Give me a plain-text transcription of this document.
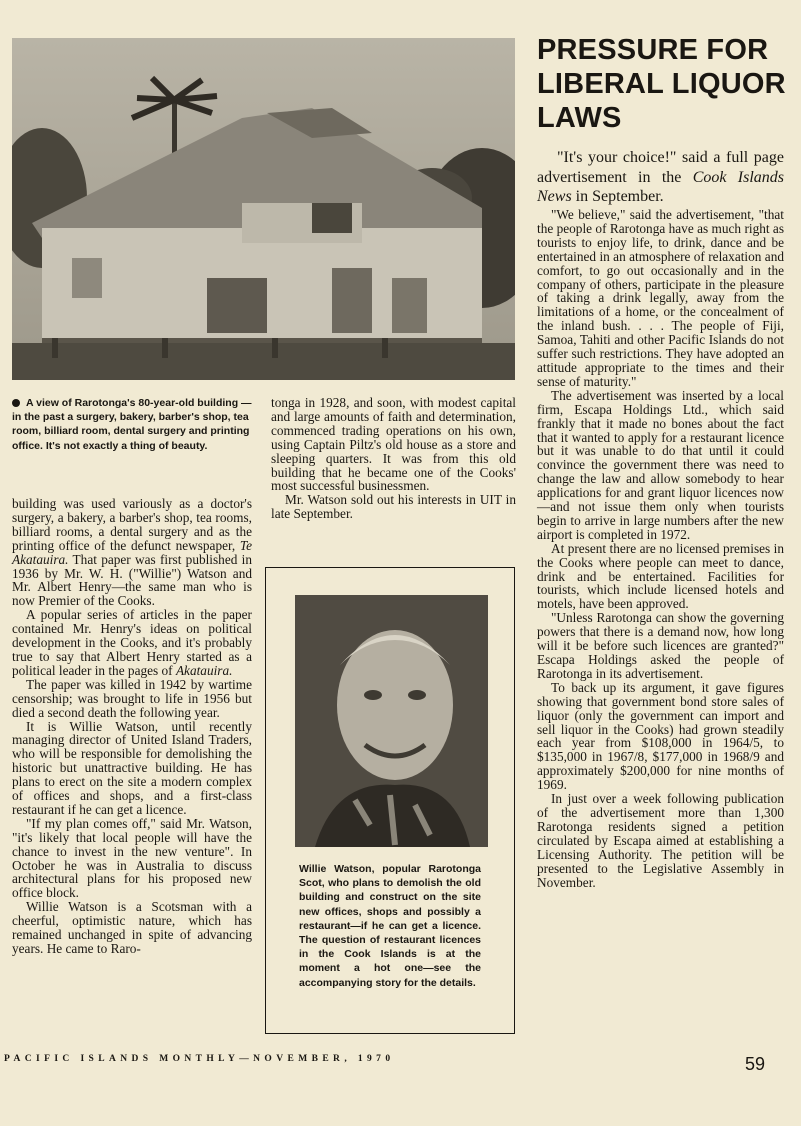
A view of Rarotonga's 80-year-old building — in the past a surgery, bakery, barber's shop, tea room, billiard room, dental surgery and printing office. It's not exactly a thing of beauty.

building was used variously as a doctor's surgery, a bakery, a barber's shop, tea rooms, billiard rooms, a dental surgery and as the printing office of the defunct newspaper, Te Akatauira. That paper was first published in 1936 by Mr. W. H. ("Willie") Watson and Mr. Albert Henry—the same man who is now Premier of the Cooks.

A popular series of articles in the paper contained Mr. Henry's ideas on political development in the Cooks, and it's probably true to say that Albert Henry started as a political leader in the pages of Akatauira.

The paper was killed in 1942 by wartime censorship; was brought to life in 1956 but died a second death the following year.

It is Willie Watson, until recently managing director of United Island Traders, who will be responsible for demolishing the historic but unattractive building. He has plans to erect on the site a modern complex of offices and shops, and a first-class restaurant if he can get a licence.

"If my plan comes off," said Mr. Watson, "it's likely that local people will have the chance to invest in the new venture". In October he was in Australia to discuss architectural plans for his proposed new office block.

Willie Watson is a Scotsman with a cheerful, optimistic nature, which has remained unchanged in spite of advancing years. He came to Raro-

tonga in 1928, and soon, with modest capital and large amounts of faith and determination, commenced trading operations on his own, using Captain Piltz's old house as a store and sleeping quarters. It was from this old building that he became one of the Cooks' most successful businessmen.

Mr. Watson sold out his interests in UIT in late September.

Willie Watson, popular Rarotonga Scot, who plans to demolish the old building and construct on the site new offices, shops and possibly a restaurant—if he can get a licence. The question of restaurant licences in the Cook Islands is at the moment a hot one—see the accompanying story for the details.
PRESSURE FOR LIBERAL LIQUOR LAWS
"It's your choice!" said a full page advertisement in the Cook Islands News in September.

"We believe," said the advertisement, "that the people of Rarotonga have as much right as tourists to enjoy life, to drink, dance and be entertained in an atmosphere of relaxation and comfort, to go out occasionally and in the company of others, participate in the pleasure of taking a drink legally, away from the limitations of a home, or the concealment of the inland bush. . . . The people of Fiji, Samoa, Tahiti and other Pacific Islands do not suffer such restrictions. They have adopted an attitude appropriate to the times and their sense of maturity."

The advertisement was inserted by a local firm, Escapa Holdings Ltd., which said frankly that it made no bones about the fact that it wanted to apply for a restaurant licence but it was unable to do that until it could convince the government there was need to change the law and allow somebody to hear applications for and grant liquor licences now—and not issue them only when tourists begin to arrive in large numbers after the new airport is completed in 1972.

At present there are no licensed premises in the Cooks where people can meet to dance, drink and be entertained. Facilities for tourists, which include licensed hotels and motels, have been approved.

"Unless Rarotonga can show the governing powers that there is a demand now, how long will it be before such licences are granted?" Escapa Holdings asked the people of Rarotonga in its advertisement.

To back up its argument, it gave figures showing that government bond store sales of liquor (only the government can import and sell liquor in the Cooks) had grown steadily each year from $108,000 in 1964/5, to $135,000 in 1967/8, $177,000 in 1968/9 and approximately $200,000 for nine months of 1969.

In just over a week following publication of the advertisement more than 1,300 Rarotonga residents signed a petition circulated by Escapa aimed at establishing a Licensing Authority. The petition will be presented to the Legislative Assembly in November.

PACIFIC ISLANDS MONTHLY—NOVEMBER, 1970	59
